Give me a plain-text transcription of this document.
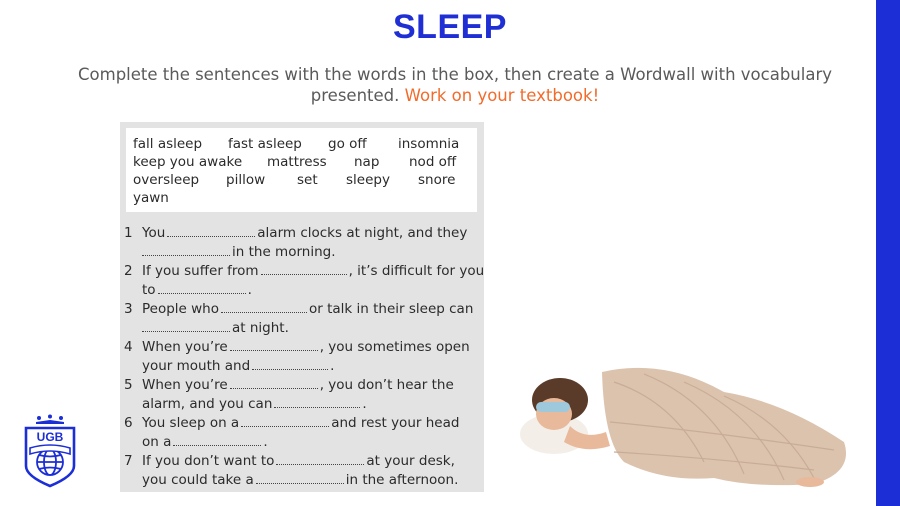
SLEEP
Complete the sentences with the words in the box, then create a Wordwall with vocabulary presented. Work on your textbook!
fall asleep fast asleep go off insomnia
keep you awake mattress nap nod off
oversleep pillow set sleepy snore
yawn
1 You	alarm clocks at night, and they
in the morning.
2 If you suffer from	, it’s difficult for you
to	.
3 People who	or talk in their sleep can
at night.
4 When you’re	, you sometimes open
your mouth and	.
5 When you’re	, you don’t hear the
alarm, and you can	.
6 You sleep on a	and rest your head
on a	.
7 If you don’t want to	at your desk,
you could take a	in the afternoon.
UGB
